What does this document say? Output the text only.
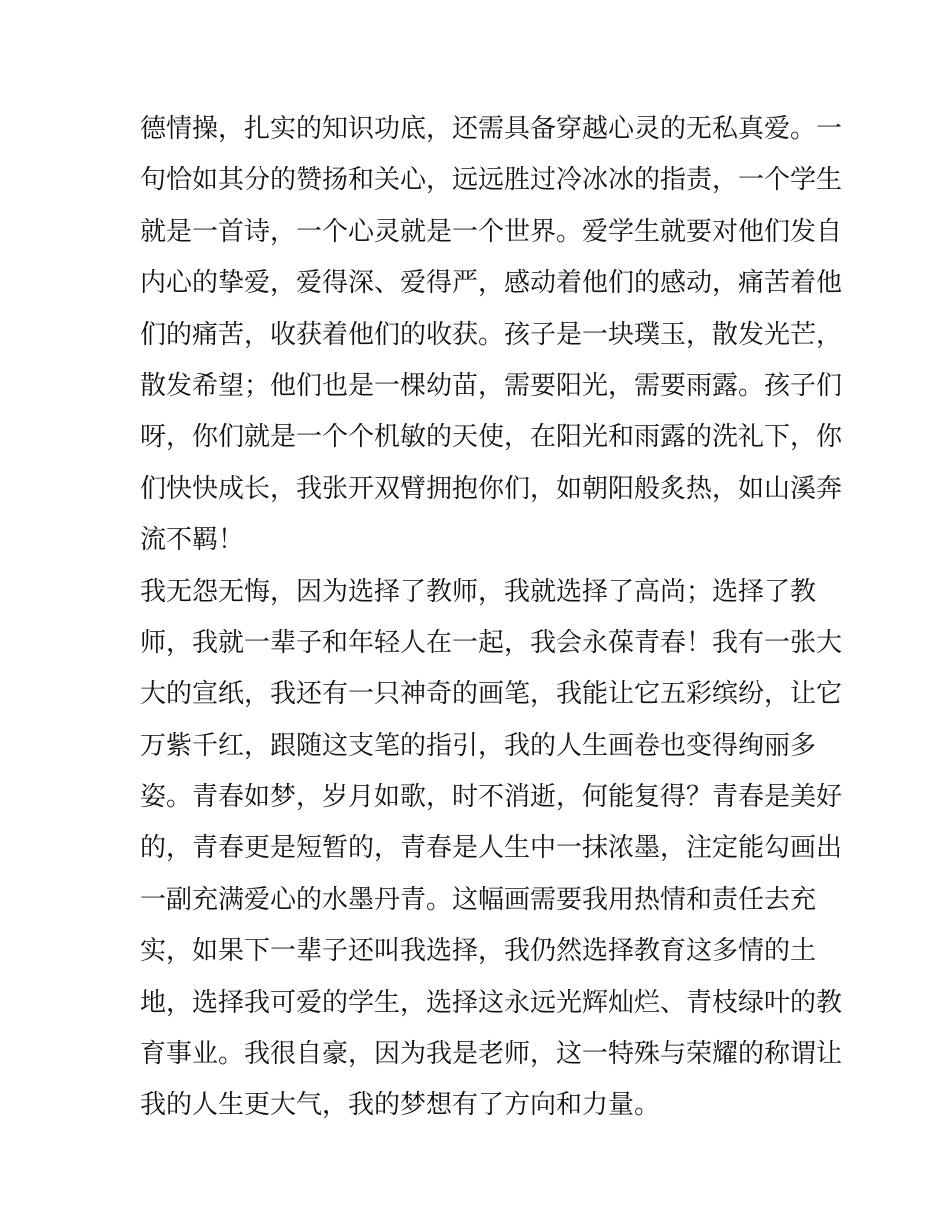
德情操，扎实的知识功底，还需具备穿越心灵的无私真爱。一
句恰如其分的赞扬和关心，远远胜过冷冰冰的指责，一个学生
就是一首诗，一个心灵就是一个世界。爱学生就要对他们发自
内心的挚爱，爱得深、爱得严，感动着他们的感动，痛苦着他
们的痛苦，收获着他们的收获。孩子是一块璞玉，散发光芒，
散发希望；他们也是一棵幼苗，需要阳光，需要雨露。孩子们
呀，你们就是一个个机敏的天使，在阳光和雨露的洗礼下，你
们快快成长，我张开双臂拥抱你们，如朝阳般炙热，如山溪奔
流不羁！
我无怨无悔，因为选择了教师，我就选择了高尚；选择了教
师，我就一辈子和年轻人在一起，我会永葆青春！我有一张大
大的宣纸，我还有一只神奇的画笔，我能让它五彩缤纷，让它
万紫千红，跟随这支笔的指引，我的人生画卷也变得绚丽多
姿。青春如梦，岁月如歌，时不消逝，何能复得？青春是美好
的，青春更是短暂的，青春是人生中一抹浓墨，注定能勾画出
一副充满爱心的水墨丹青。这幅画需要我用热情和责任去充
实，如果下一辈子还叫我选择，我仍然选择教育这多情的土
地，选择我可爱的学生，选择这永远光辉灿烂、青枝绿叶的教
育事业。我很自豪，因为我是老师，这一特殊与荣耀的称谓让
我的人生更大气，我的梦想有了方向和力量。
